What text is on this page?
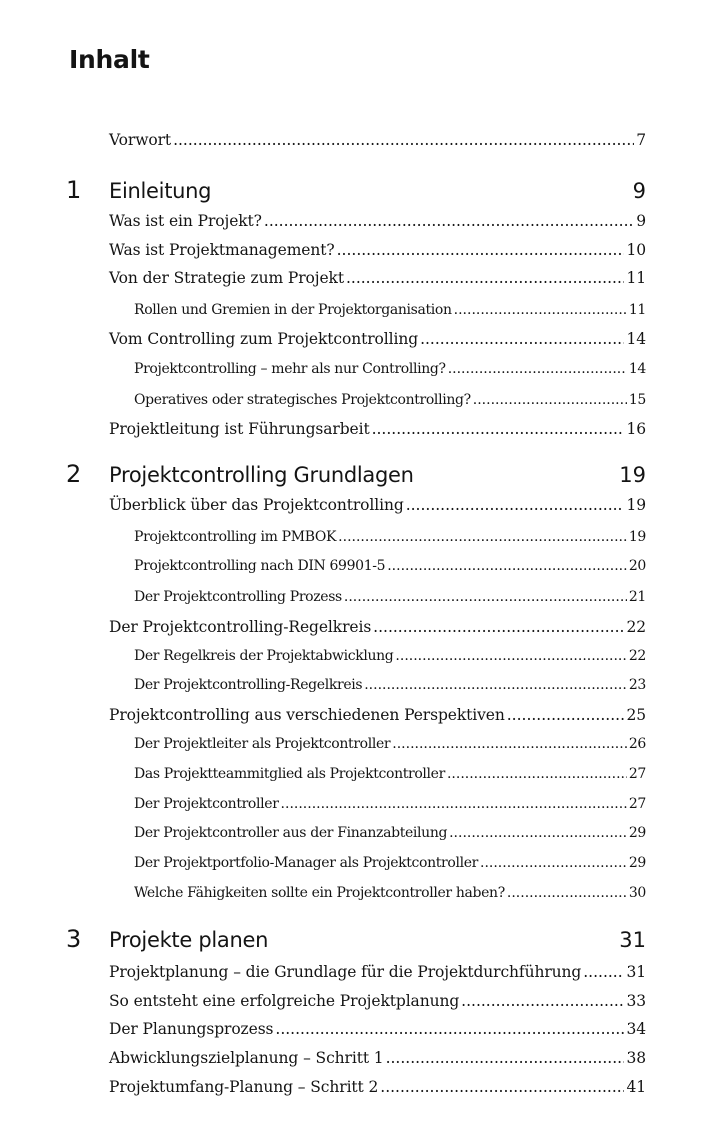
Inhalt
Vorwort .....	7
1	Einleitung	9
Was ist ein Projekt? .....	9
Was ist Projektmanagement? .....	10
Von der Strategie zum Projekt .....	11
Rollen und Gremien in der Projektorganisation .....	11
Vom Controlling zum Projektcontrolling .....	14
Projektcontrolling – mehr als nur Controlling? .....	14
Operatives oder strategisches Projektcontrolling? .....	15
Projektleitung ist Führungsarbeit .....	16
2	Projektcontrolling Grundlagen	19
Überblick über das Projektcontrolling .....	19
Projektcontrolling im PMBOK .....	19
Projektcontrolling nach DIN 69901-5 .....	20
Der Projektcontrolling Prozess .....	21
Der Projektcontrolling-Regelkreis .....	22
Der Regelkreis der Projektabwicklung .....	22
Der Projektcontrolling-Regelkreis .....	23
Projektcontrolling aus verschiedenen Perspektiven .....	25
Der Projektleiter als Projektcontroller .....	26
Das Projektteammitglied als Projektcontroller .....	27
Der Projektcontroller .....	27
Der Projektcontroller aus der Finanzabteilung .....	29
Der Projektportfolio-Manager als Projektcontroller .....	29
Welche Fähigkeiten sollte ein Projektcontroller haben? .....	30
3	Projekte planen	31
Projektplanung – die Grundlage für die Projektdurchführung .....	31
So entsteht eine erfolgreiche Projektplanung .....	33
Der Planungsprozess .....	34
Abwicklungszielplanung – Schritt 1 .....	38
Projektumfang-Planung – Schritt 2 .....	41
